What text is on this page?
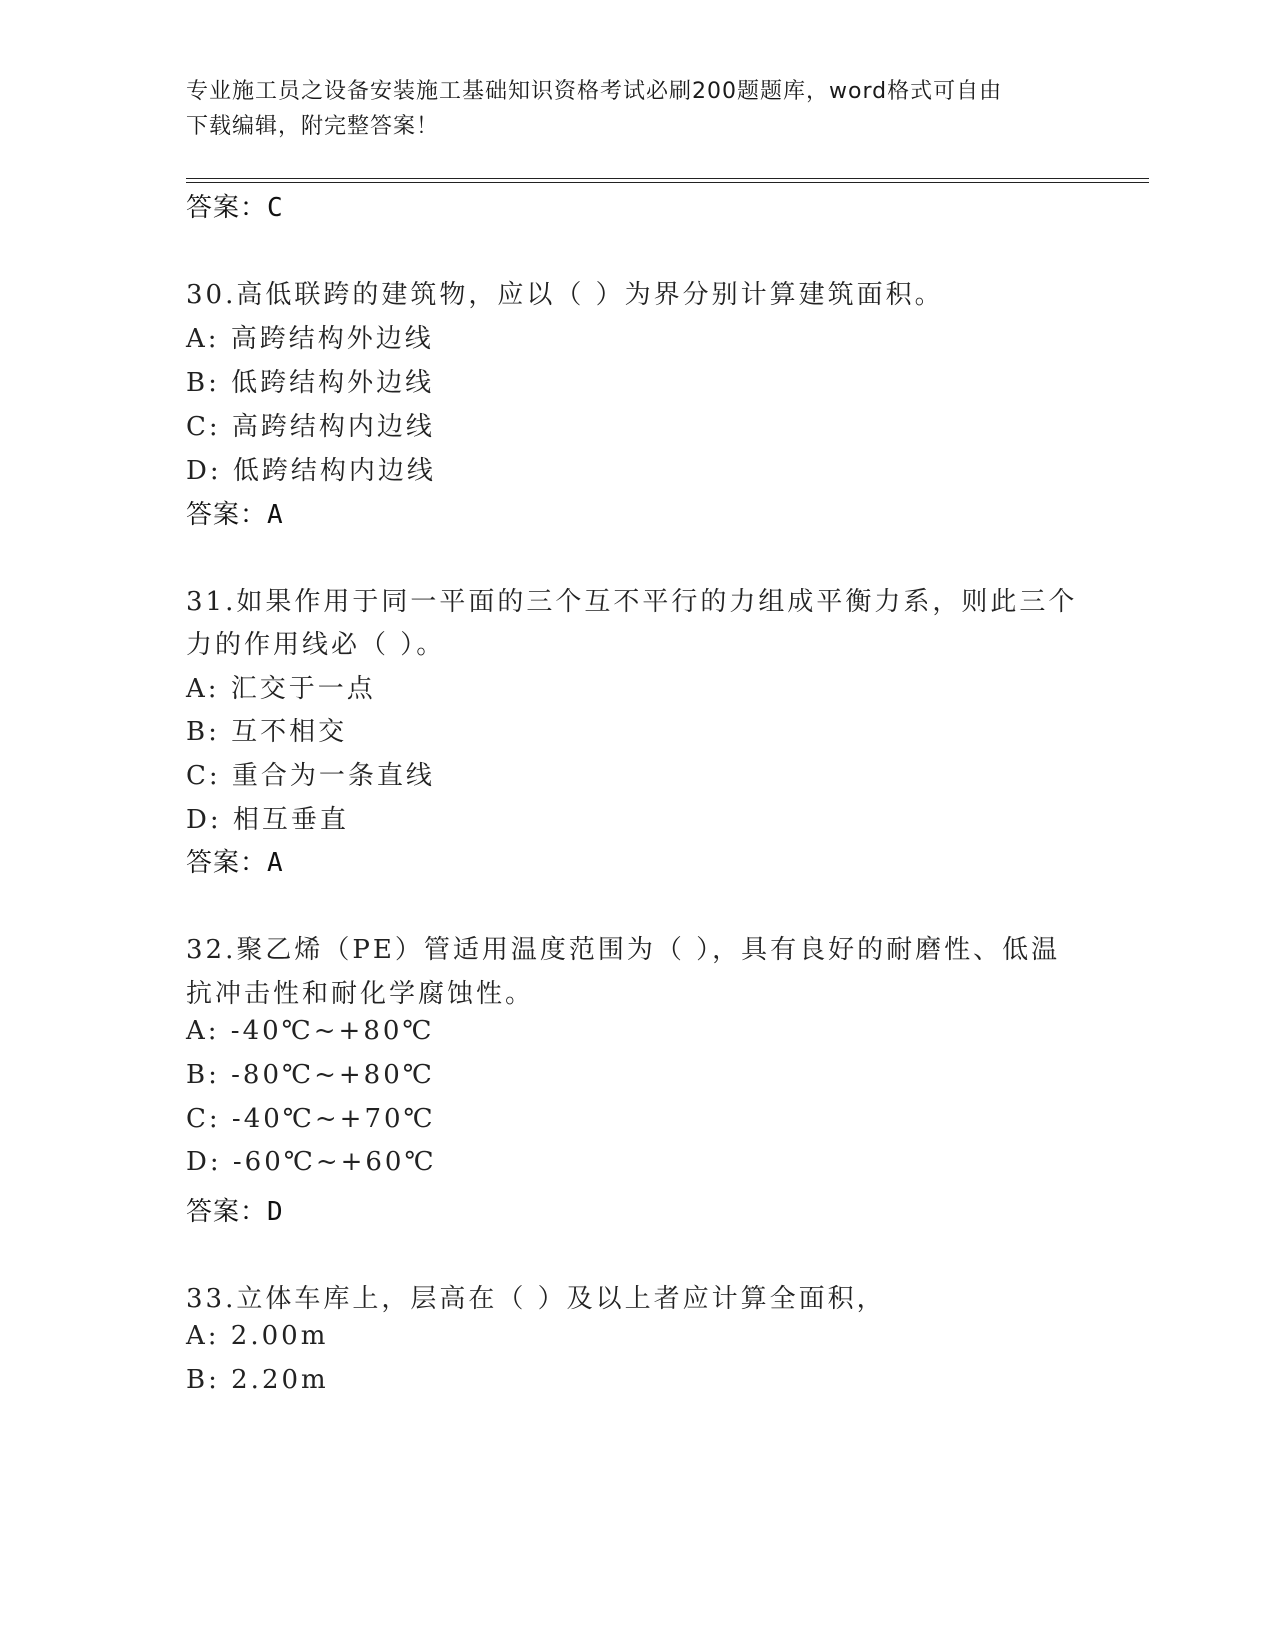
专业施工员之设备安装施工基础知识资格考试必刷200题题库，word格式可自由
下载编辑，附完整答案！
答案：C
30.高低联跨的建筑物，应以（ ）为界分别计算建筑面积。
A: 高跨结构外边线
B: 低跨结构外边线
C: 高跨结构内边线
D: 低跨结构内边线
答案：A
31.如果作用于同一平面的三个互不平行的力组成平衡力系，则此三个
力的作用线必（ ）。
A: 汇交于一点
B: 互不相交
C: 重合为一条直线
D: 相互垂直
答案：A
32.聚乙烯（PE）管适用温度范围为（ ），具有良好的耐磨性、低温
抗冲击性和耐化学腐蚀性。
A: -40℃~+80℃
B: -80℃~+80℃
C: -40℃~+70℃
D: -60℃~+60℃
答案：D
33.立体车库上，层高在（ ）及以上者应计算全面积，
A: 2.00m
B: 2.20m
